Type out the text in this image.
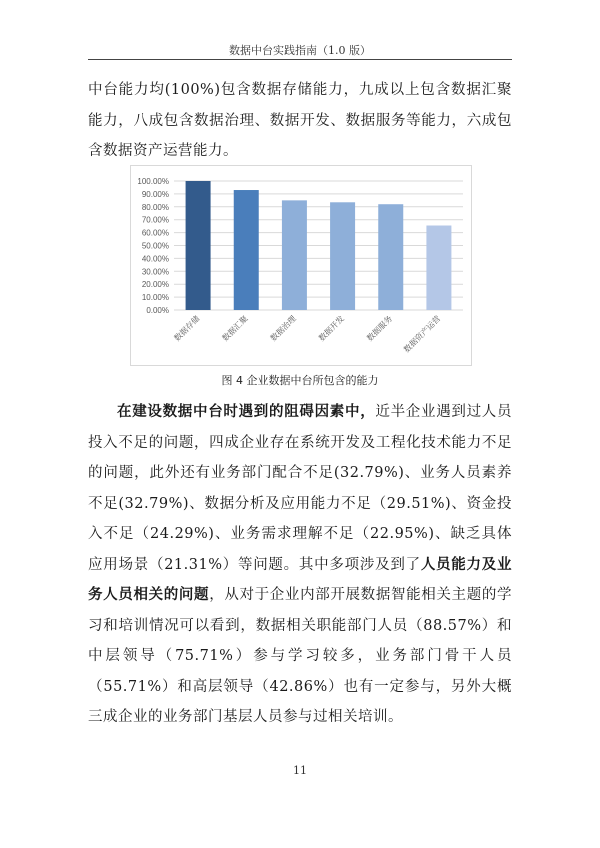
数据中台实践指南（1.0 版）

中台能力均(100%)包含数据存储能力，九成以上包含数据汇聚能力，八成包含数据治理、数据开发、数据服务等能力，六成包含数据资产运营能力。

0.00%
10.00%
20.00%
30.00%
40.00%
50.00%
60.00%
70.00%
80.00%
90.00%
100.00%
数据存储 数据汇聚 数据治理 数据开发 数据服务 数据资产运营
图 4 企业数据中台所包含的能力

在建设数据中台时遇到的阻碍因素中，近半企业遇到过人员投入不足的问题，四成企业存在系统开发及工程化技术能力不足的问题，此外还有业务部门配合不足(32.79%)、业务人员素养不足(32.79%)、数据分析及应用能力不足（29.51%)、资金投入不足（24.29%)、业务需求理解不足（22.95%)、缺乏具体应用场景（21.31%）等问题。其中多项涉及到了人员能力及业务人员相关的问题，从对于企业内部开展数据智能相关主题的学习和培训情况可以看到，数据相关职能部门人员（88.57%）和中层领导（75.71%）参与学习较多，业务部门骨干人员（55.71%）和高层领导（42.86%）也有一定参与，另外大概三成企业的业务部门基层人员参与过相关培训。

11
